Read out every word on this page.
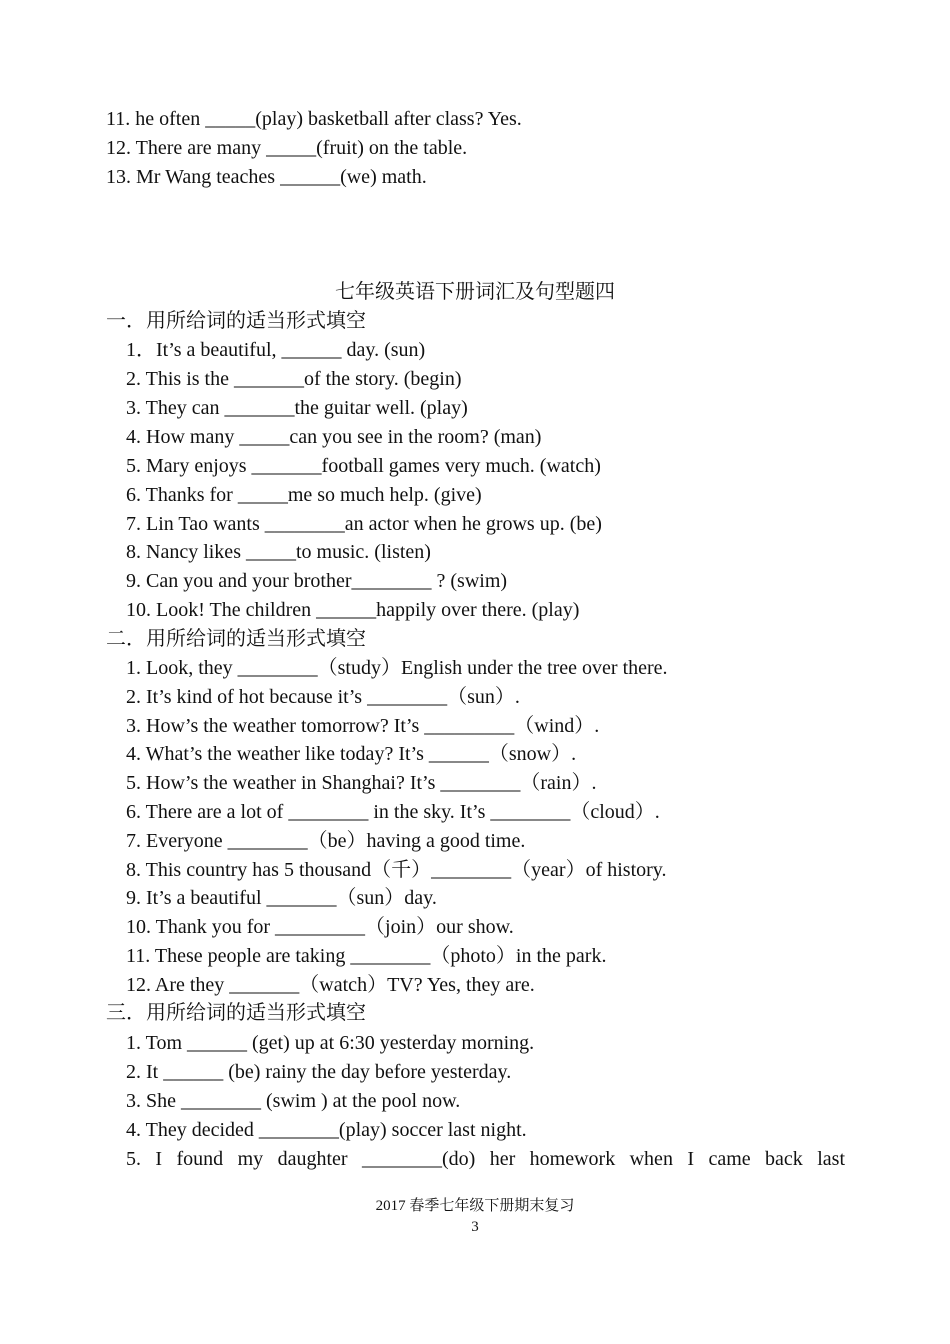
11. he often _____(play) basketball after class? Yes.
12. There are many _____(fruit) on the table.
13. Mr Wang teaches ______(we) math.
七年级英语下册词汇及句型题四
一．用所给词的适当形式填空
1．It’s a beautiful, ______ day. (sun)
2. This is the _______of the story. (begin)
3. They can _______the guitar well. (play)
4. How many _____can you see in the room? (man)
5. Mary enjoys _______football games very much. (watch)
6. Thanks for _____me so much help. (give)
7. Lin Tao wants ________an actor when he grows up. (be)
8. Nancy likes _____to music. (listen)
9. Can you and your brother________ ? (swim)
10. Look! The children ______happily over there. (play)
二．用所给词的适当形式填空
1. Look, they ________（study）English under the tree over there.
2. It’s kind of hot because it’s ________（sun）.
3. How’s the weather tomorrow? It’s _________（wind）.
4. What’s the weather like today? It’s ______（snow）.
5. How’s the weather in Shanghai? It’s ________（rain）.
6. There are a lot of ________ in the sky. It’s ________（cloud）.
7. Everyone ________（be）having a good time.
8. This country has 5 thousand（千）________（year）of history.
9. It’s a beautiful _______（sun）day.
10. Thank you for _________（join）our show.
11. These people are taking ________（photo）in the park.
12. Are they _______（watch）TV? Yes, they are.
三．用所给词的适当形式填空
1. Tom ______ (get) up at 6:30 yesterday morning.
2. It ______ (be) rainy the day before yesterday.
3. She ________ (swim ) at the pool now.
4. They decided ________(play) soccer last night.
5. I found my daughter ________(do) her homework when I came back last
2017 春季七年级下册期末复习
3
